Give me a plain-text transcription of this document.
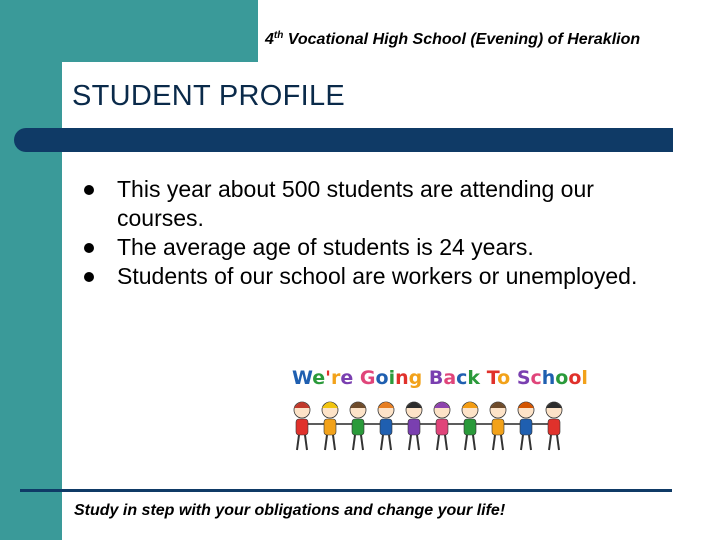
4th Vocational High School (Evening) of Heraklion
STUDENT PROFILE
This year about 500 students are attending our courses.
The average age of students is 24 years.
Students of our school are workers or unemployed.
We're Going Back To School
Study in step with your obligations and change your life!
